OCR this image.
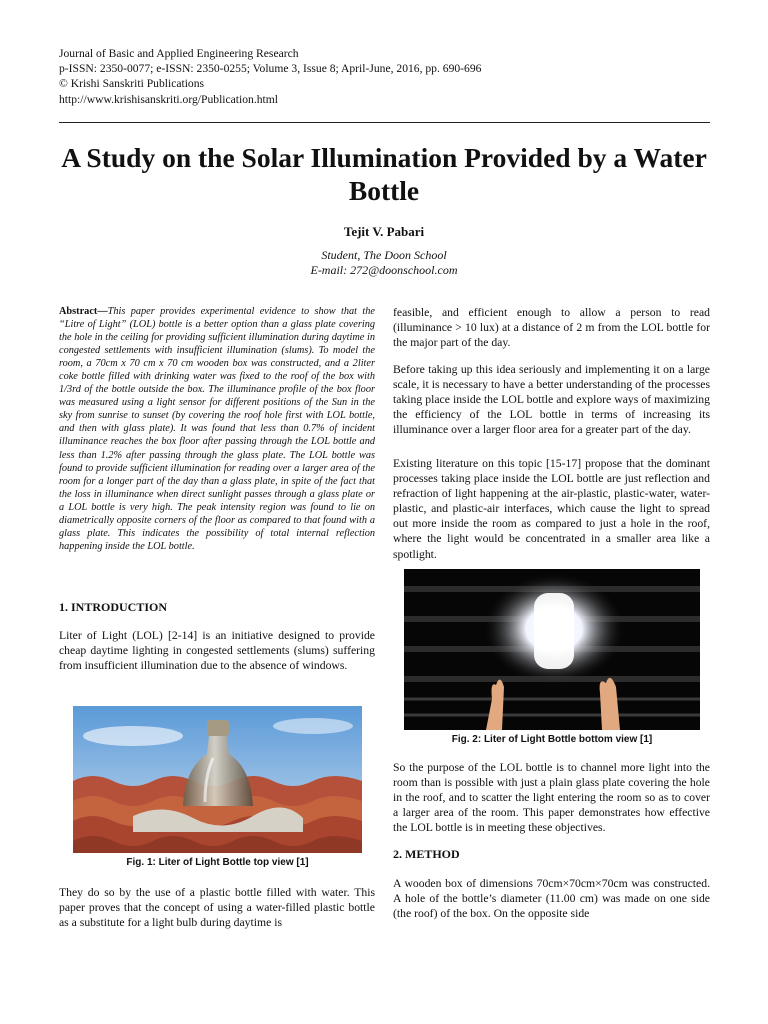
Journal of Basic and Applied Engineering Research
p-ISSN: 2350-0077; e-ISSN: 2350-0255; Volume 3, Issue 8; April-June, 2016, pp. 690-696
© Krishi Sanskriti Publications
http://www.krishisanskriti.org/Publication.html
A Study on the Solar Illumination Provided by a Water Bottle
Tejit V. Pabari
Student, The Doon School
E-mail: 272@doonschool.com
Abstract—This paper provides experimental evidence to show that the “Litre of Light” (LOL) bottle is a better option than a glass plate covering the hole in the ceiling for providing sufficient illumination during daytime in congested settlements with insufficient illumination (slums). To model the room, a 70cm x 70 cm x 70 cm wooden box was constructed, and a 2liter coke bottle filled with drinking water was fixed to the roof of the box with 1/3rd of the bottle outside the box. The illuminance profile of the box floor was measured using a light sensor for different positions of the Sun in the sky from sunrise to sunset (by covering the roof hole first with LOL bottle, and then with glass plate). It was found that less than 0.7% of incident illuminance reaches the box floor after passing through the LOL bottle and less than 1.2% after passing through the glass plate. The LOL bottle was found to provide sufficient illumination for reading over a larger area of the room for a longer part of the day than a glass plate, in spite of the fact that the loss in illuminance when direct sunlight passes through a glass plate or a LOL bottle is very high. The peak intensity region was found to lie on diametrically opposite corners of the floor as compared to that found with a glass plate. This indicates the possibility of total internal reflection happening inside the LOL bottle.
1. INTRODUCTION

Liter of Light (LOL) [2-14] is an initiative designed to provide cheap daytime lighting in congested settlements (slums) suffering from insufficient illumination due to the absence of windows.

Fig. 1: Liter of Light Bottle top view [1]

They do so by the use of a plastic bottle filled with water. This paper proves that the concept of using a water-filled plastic bottle as a substitute for a light bulb during daytime is

feasible, and efficient enough to allow a person to read (illuminance > 10 lux) at a distance of 2 m from the LOL bottle for the major part of the day.

Before taking up this idea seriously and implementing it on a large scale, it is necessary to have a better understanding of the processes taking place inside the LOL bottle and explore ways of maximizing the efficiency of the LOL bottle in terms of increasing its illuminance over a larger floor area for a greater part of the day.

Existing literature on this topic [15-17] propose that the dominant processes taking place inside the LOL bottle are just reflection and refraction of light happening at the air-plastic, plastic-water, water-plastic, and plastic-air interfaces, which cause the light to spread out more inside the room as compared to just a hole in the roof, where the light would be concentrated in a smaller area like a spotlight.

Fig. 2: Liter of Light Bottle bottom view [1]

So the purpose of the LOL bottle is to channel more light into the room than is possible with just a plain glass plate covering the hole in the roof, and to scatter the light entering the room so as to cover a larger area of the room. This paper demonstrates how effective the LOL bottle is in meeting these objectives.

2. METHOD

A wooden box of dimensions 70cm×70cm×70cm was constructed. A hole of the bottle’s diameter (11.00 cm) was made on one side (the roof) of the box. On the opposite side
